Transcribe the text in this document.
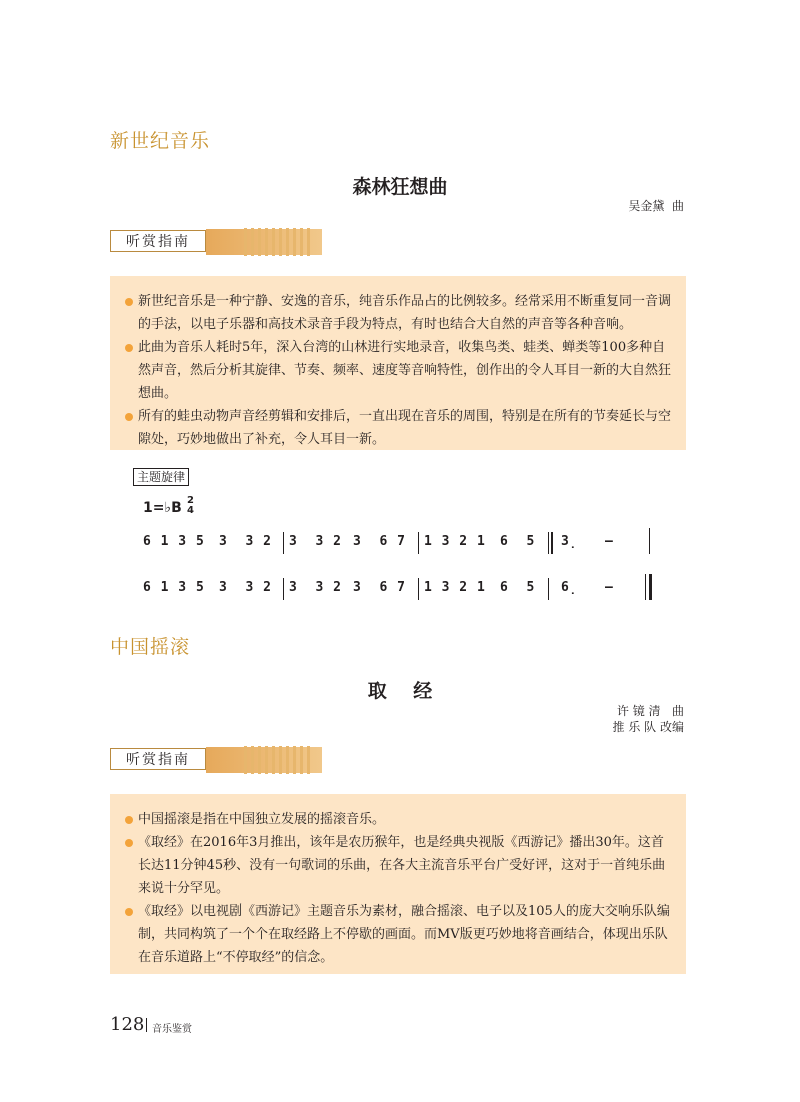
新世纪音乐
森林狂想曲
吴金黛  曲
听赏指南

新世纪音乐是一种宁静、安逸的音乐，纯音乐作品占的比例较多。经常采用不断重复同一音调的手法，以电子乐器和高技术录音手段为特点，有时也结合大自然的声音等各种音响。

此曲为音乐人耗时5年，深入台湾的山林进行实地录音，收集鸟类、蛙类、蝉类等100多种自然声音，然后分析其旋律、节奏、频率、速度等音响特性，创作出的令人耳目一新的大自然狂想曲。

所有的蛙虫动物声音经剪辑和安排后，一直出现在音乐的周围，特别是在所有的节奏延长与空隙处，巧妙地做出了补充，令人耳目一新。

主题旋律
1=♭B 2
4
6 1 3 5 3  3 2 3  3 2 3  6 7 1 3 2 1 6  5 3̣ –
6 1 3 5 3  3 2 3  3 2 3  6 7 1 3 2 1 6  5 6̣ –
中国摇滚
取    经
许 镜 清   曲
推 乐 队 改编
听赏指南

中国摇滚是指在中国独立发展的摇滚音乐。

《取经》在2016年3月推出，该年是农历猴年，也是经典央视版《西游记》播出30年。这首长达11分钟45秒、没有一句歌词的乐曲，在各大主流音乐平台广受好评，这对于一首纯乐曲来说十分罕见。

《取经》以电视剧《西游记》主题音乐为素材，融合摇滚、电子以及105人的庞大交响乐队编制，共同构筑了一个个在取经路上不停歇的画面。而MV版更巧妙地将音画结合，体现出乐队在音乐道路上“不停取经”的信念。

128 音乐鉴赏
